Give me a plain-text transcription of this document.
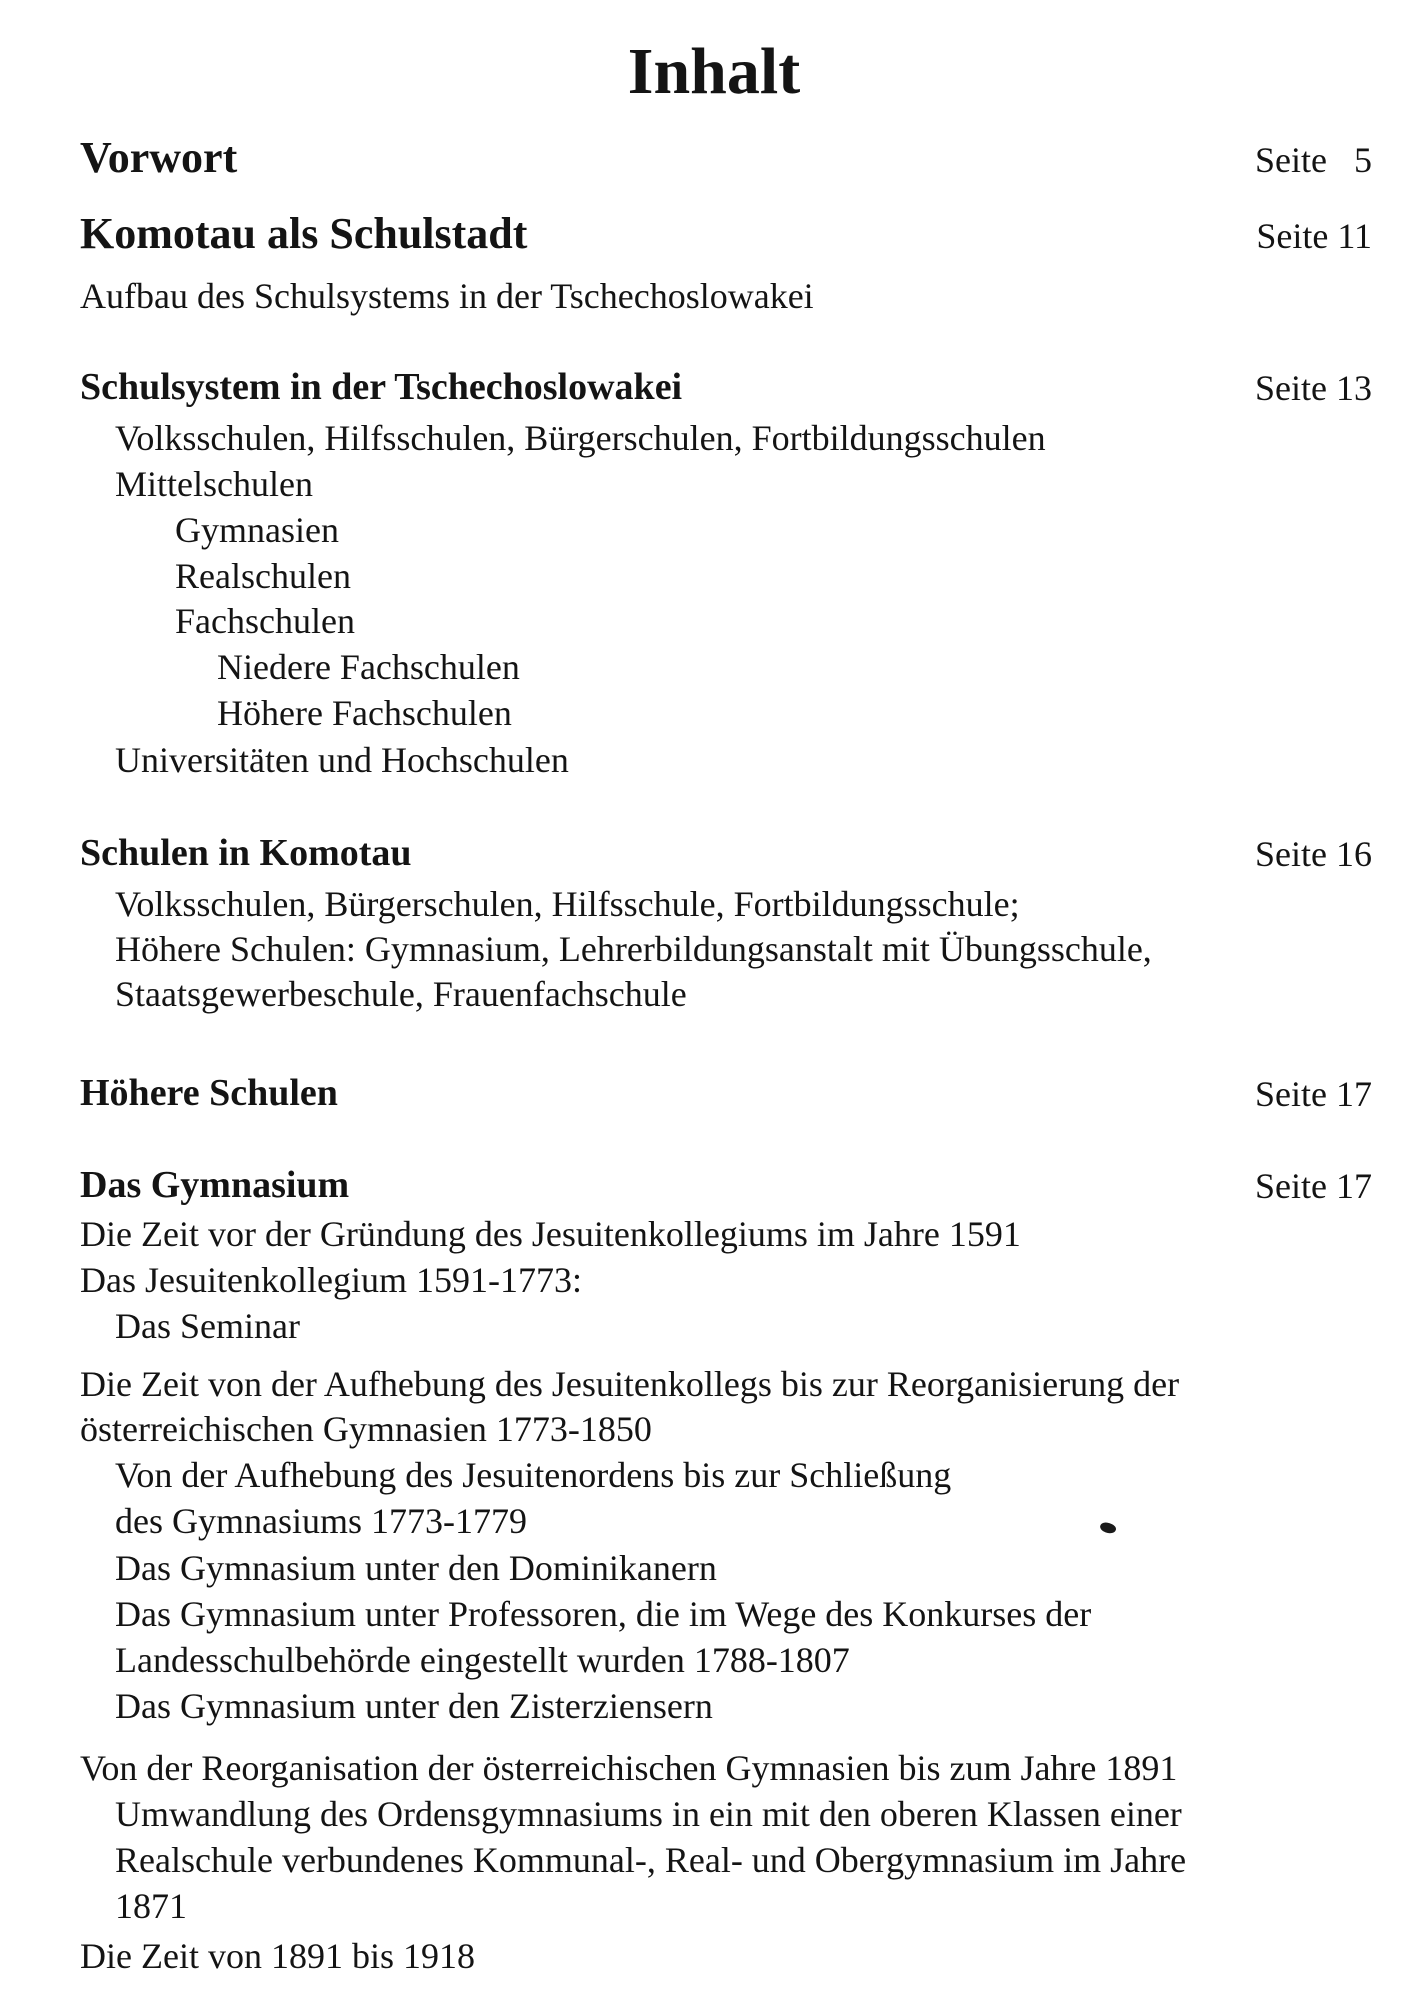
Inhalt
Vorwort	Seite   5
Komotau als Schulstadt	Seite 11
Aufbau des Schulsystems in der Tschechoslowakei
Schulsystem in der Tschechoslowakei	Seite 13
Volksschulen, Hilfsschulen, Bürgerschulen, Fortbildungsschulen
Mittelschulen
Gymnasien
Realschulen
Fachschulen
Niedere Fachschulen
Höhere Fachschulen
Universitäten und Hochschulen
Schulen in Komotau	Seite 16
Volksschulen, Bürgerschulen, Hilfsschule, Fortbildungsschule;
Höhere Schulen: Gymnasium, Lehrerbildungsanstalt mit Übungsschule,
Staatsgewerbeschule, Frauenfachschule
Höhere Schulen	Seite 17
Das Gymnasium	Seite 17
Die Zeit vor der Gründung des Jesuitenkollegiums im Jahre 1591
Das Jesuitenkollegium 1591-1773:
Das Seminar
Die Zeit von der Aufhebung des Jesuitenkollegs bis zur Reorganisierung der
österreichischen Gymnasien 1773-1850
Von der Aufhebung des Jesuitenordens bis zur Schließung
des Gymnasiums 1773-1779
Das Gymnasium unter den Dominikanern
Das Gymnasium unter Professoren, die im Wege des Konkurses der
Landesschulbehörde eingestellt wurden 1788-1807
Das Gymnasium unter den Zisterziensern
Von der Reorganisation der österreichischen Gymnasien bis zum Jahre 1891
Umwandlung des Ordensgymnasiums in ein mit den oberen Klassen einer
Realschule verbundenes Kommunal-, Real- und Obergymnasium im Jahre
1871
Die Zeit von 1891 bis 1918
